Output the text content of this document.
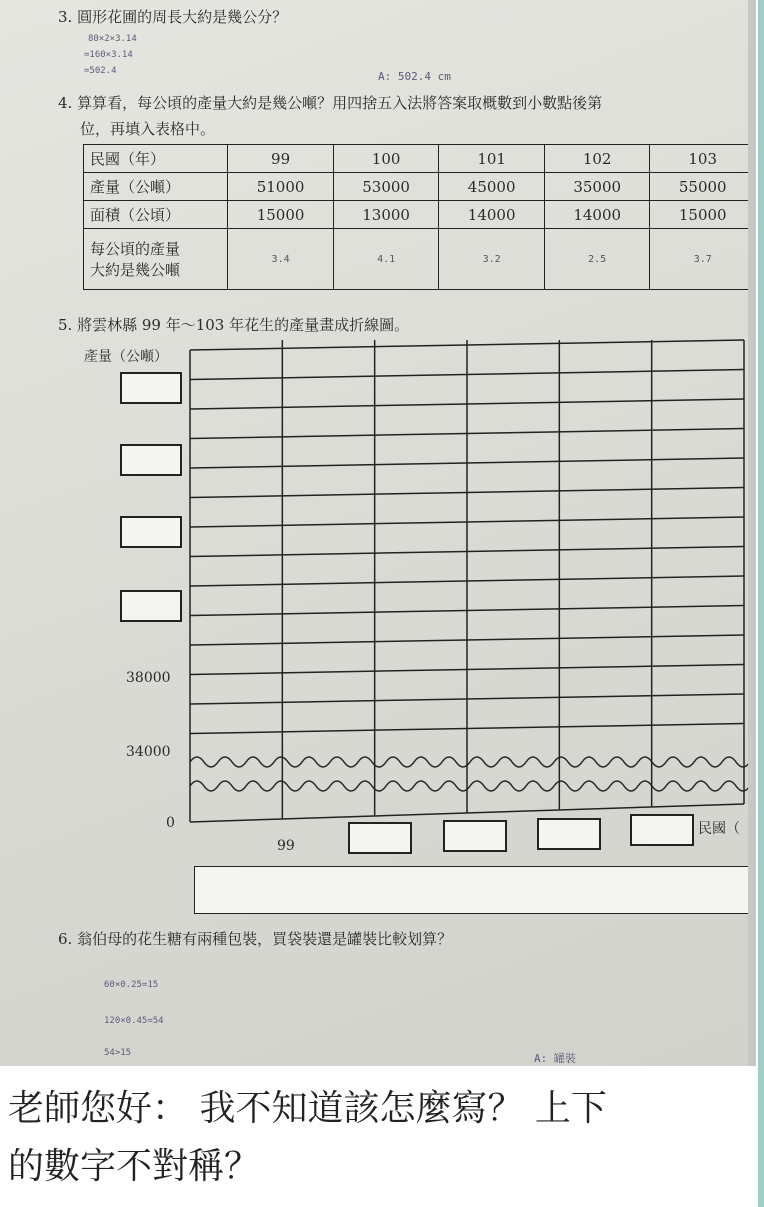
3. 圓形花圃的周長大約是幾公分？
80×2×3.14
=160×3.14
=502.4	A: 502.4 cm
4. 算算看，每公頃的產量大約是幾公噸？用四捨五入法將答案取概數到小數點後第
位，再填入表格中。
民國（年）	99	100	101	102	103
產量（公噸）	51000	53000	45000	35000	55000
面積（公頃）	15000	13000	14000	14000	15000

每公頃的產量
大約是幾公噸	3.4	4.1	3.2	2.5	3.7
5. 將雲林縣 99 年～103 年花生的產量畫成折線圖。
產量（公噸）
38000
34000
0
99
民國（
6. 翁伯母的花生糖有兩種包裝，買袋裝還是罐裝比較划算？
60×0.25=15
120×0.45=54
54>15	A: 罐裝
老師您好： 我不知道該怎麼寫？ 上下
的數字不對稱？
